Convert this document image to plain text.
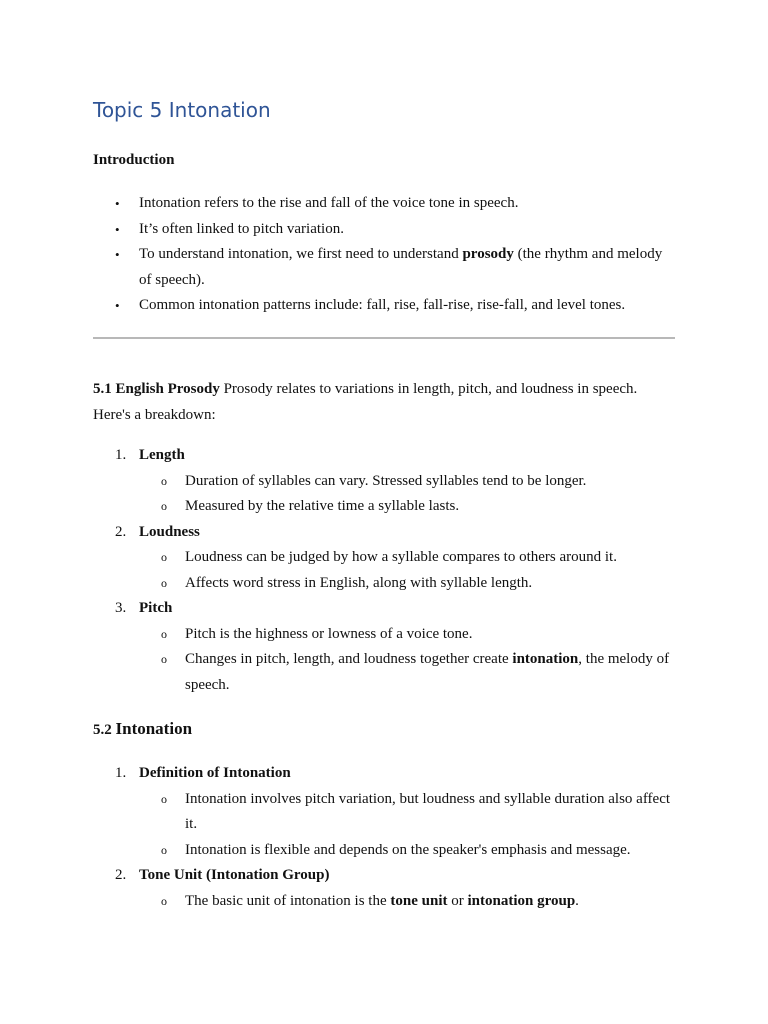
Topic 5 Intonation

Introduction

• Intonation refers to the rise and fall of the voice tone in speech.
• It’s often linked to pitch variation.
• To understand intonation, we first need to understand prosody (the rhythm and melody of speech).
• Common intonation patterns include: fall, rise, fall-rise, rise-fall, and level tones.

5.1 English Prosody Prosody relates to variations in length, pitch, and loudness in speech. Here's a breakdown:

1. Length
o Duration of syllables can vary. Stressed syllables tend to be longer.
o Measured by the relative time a syllable lasts.
2. Loudness
o Loudness can be judged by how a syllable compares to others around it.
o Affects word stress in English, along with syllable length.
3. Pitch
o Pitch is the highness or lowness of a voice tone.
o Changes in pitch, length, and loudness together create intonation, the melody of speech.

5.2 Intonation

1. Definition of Intonation
o Intonation involves pitch variation, but loudness and syllable duration also affect it.
o Intonation is flexible and depends on the speaker's emphasis and message.
2. Tone Unit (Intonation Group)
o The basic unit of intonation is the tone unit or intonation group.
